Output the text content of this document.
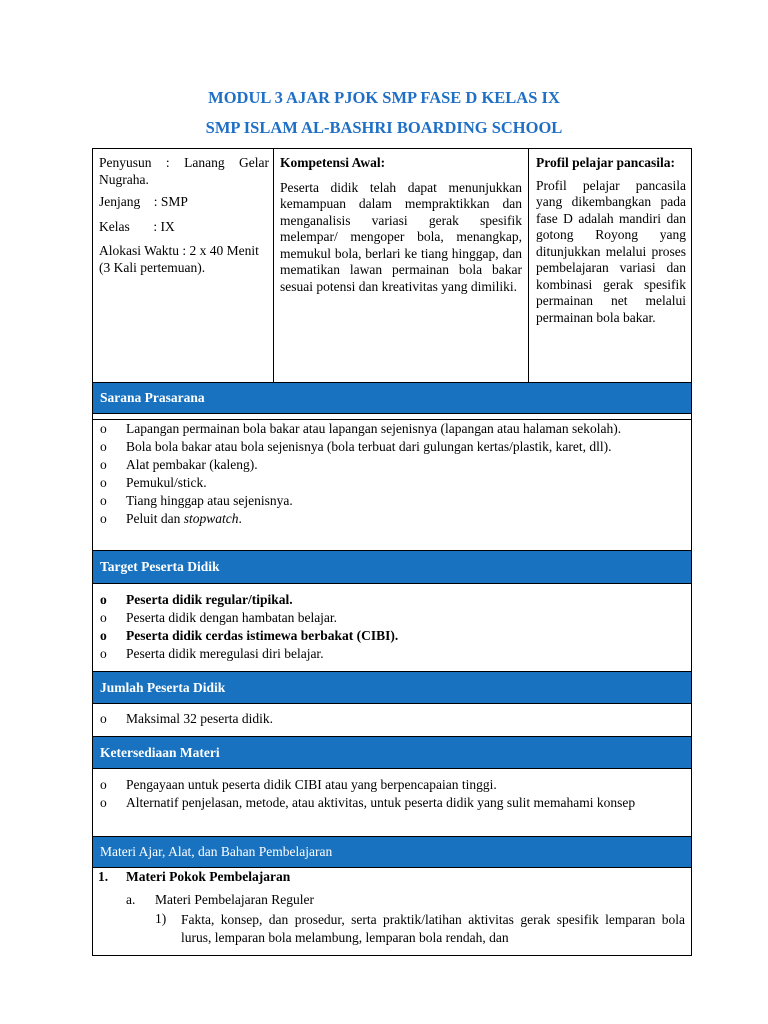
MODUL 3 AJAR PJOK SMP FASE D KELAS IX
SMP ISLAM AL-BASHRI BOARDING SCHOOL
Penyusun : Lanang Gelar Nugraha.
Jenjang    : SMP
Kelas       : IX
Alokasi Waktu : 2 x 40 Menit (3 Kali pertemuan).
Kompetensi Awal:
Peserta didik telah dapat menunjukkan kemampuan dalam mempraktikkan dan menganalisis variasi gerak spesifik melempar/ mengoper bola, menangkap, memukul bola, berlari ke tiang hinggap, dan mematikan lawan permainan bola bakar sesuai potensi dan kreativitas yang dimiliki.
Profil pelajar pancasila:
Profil pelajar pancasila yang dikembangkan pada fase D adalah mandiri dan gotong Royong yang ditunjukkan melalui proses pembelajaran variasi dan kombinasi gerak spesifik permainan net melalui permainan bola bakar.
Sarana Prasarana
o Lapangan permainan bola bakar atau lapangan sejenisnya (lapangan atau halaman sekolah).
o Bola bola bakar atau bola sejenisnya (bola terbuat dari gulungan kertas/plastik, karet, dll).
o Alat pembakar (kaleng).
o Pemukul/stick.
o Tiang hinggap atau sejenisnya.
o Peluit dan stopwatch.
Target Peserta Didik
o Peserta didik regular/tipikal.
o Peserta didik dengan hambatan belajar.
o Peserta didik cerdas istimewa berbakat (CIBI).
o Peserta didik meregulasi diri belajar.
Jumlah Peserta Didik
o Maksimal 32 peserta didik.
Ketersediaan Materi
o Pengayaan untuk peserta didik CIBI atau yang berpencapaian tinggi.
o Alternatif penjelasan, metode, atau aktivitas, untuk peserta didik yang sulit memahami konsep
Materi Ajar, Alat, dan Bahan Pembelajaran
1. Materi Pokok Pembelajaran
a. Materi Pembelajaran Reguler
1) Fakta, konsep, dan prosedur, serta praktik/latihan aktivitas gerak spesifik lemparan bola lurus, lemparan bola melambung, lemparan bola rendah, dan
